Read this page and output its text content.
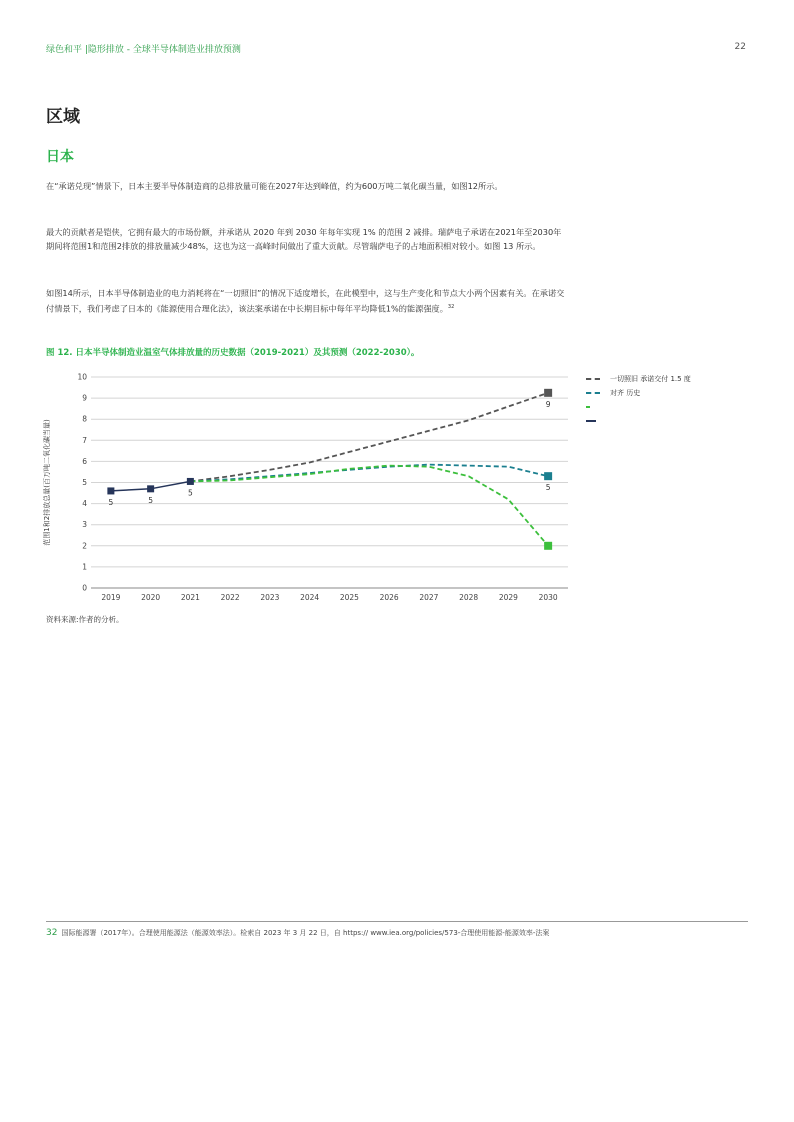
绿色和平 |隐形排放 - 全球半导体制造业排放预测	22
区域
日本
在“承诺兑现”情景下，日本主要半导体制造商的总排放量可能在2027年达到峰值，约为600万吨二氧化碳当量，如图12所示。
最大的贡献者是铠侠，它拥有最大的市场份额，并承诺从 2020 年到 2030 年每年实现 1% 的范围 2 减排。瑞萨电子承诺在2021年至2030年期间将范围1和范围2排放的排放量减少48%，这也为这一高峰时间做出了重大贡献。尽管瑞萨电子的占地面积相对较小。如图 13 所示。
如图14所示，日本半导体制造业的电力消耗将在“一切照旧”的情况下适度增长，在此模型中，这与生产变化和节点大小两个因素有关。在承诺交付情景下，我们考虑了日本的《能源使用合理化法》，该法案承诺在中长期目标中每年平均降低1%的能源强度。$^{32}$
图 12. 日本半导体制造业温室气体排放量的历史数据（2019-2021）及其预测（2022-2030）。
0
1
2
3
4
5
6
7
8
9
10
2019	2020	2021	2022	2023	2024	2025	2026	2027	2028	2029	2030
9
5
5	5
5
范围1和2排放总量(百万吨二氧化碳当量)
一切照旧 承诺交付 1.5 度
对齐 历史
资料来源:作者的分析。
32 国际能源署（2017年）。合理使用能源法（能源效率法）。检索自 2023 年 3 月 22 日，自 https:// www.iea.org/policies/573-合理使用能源-能源效率-法案
